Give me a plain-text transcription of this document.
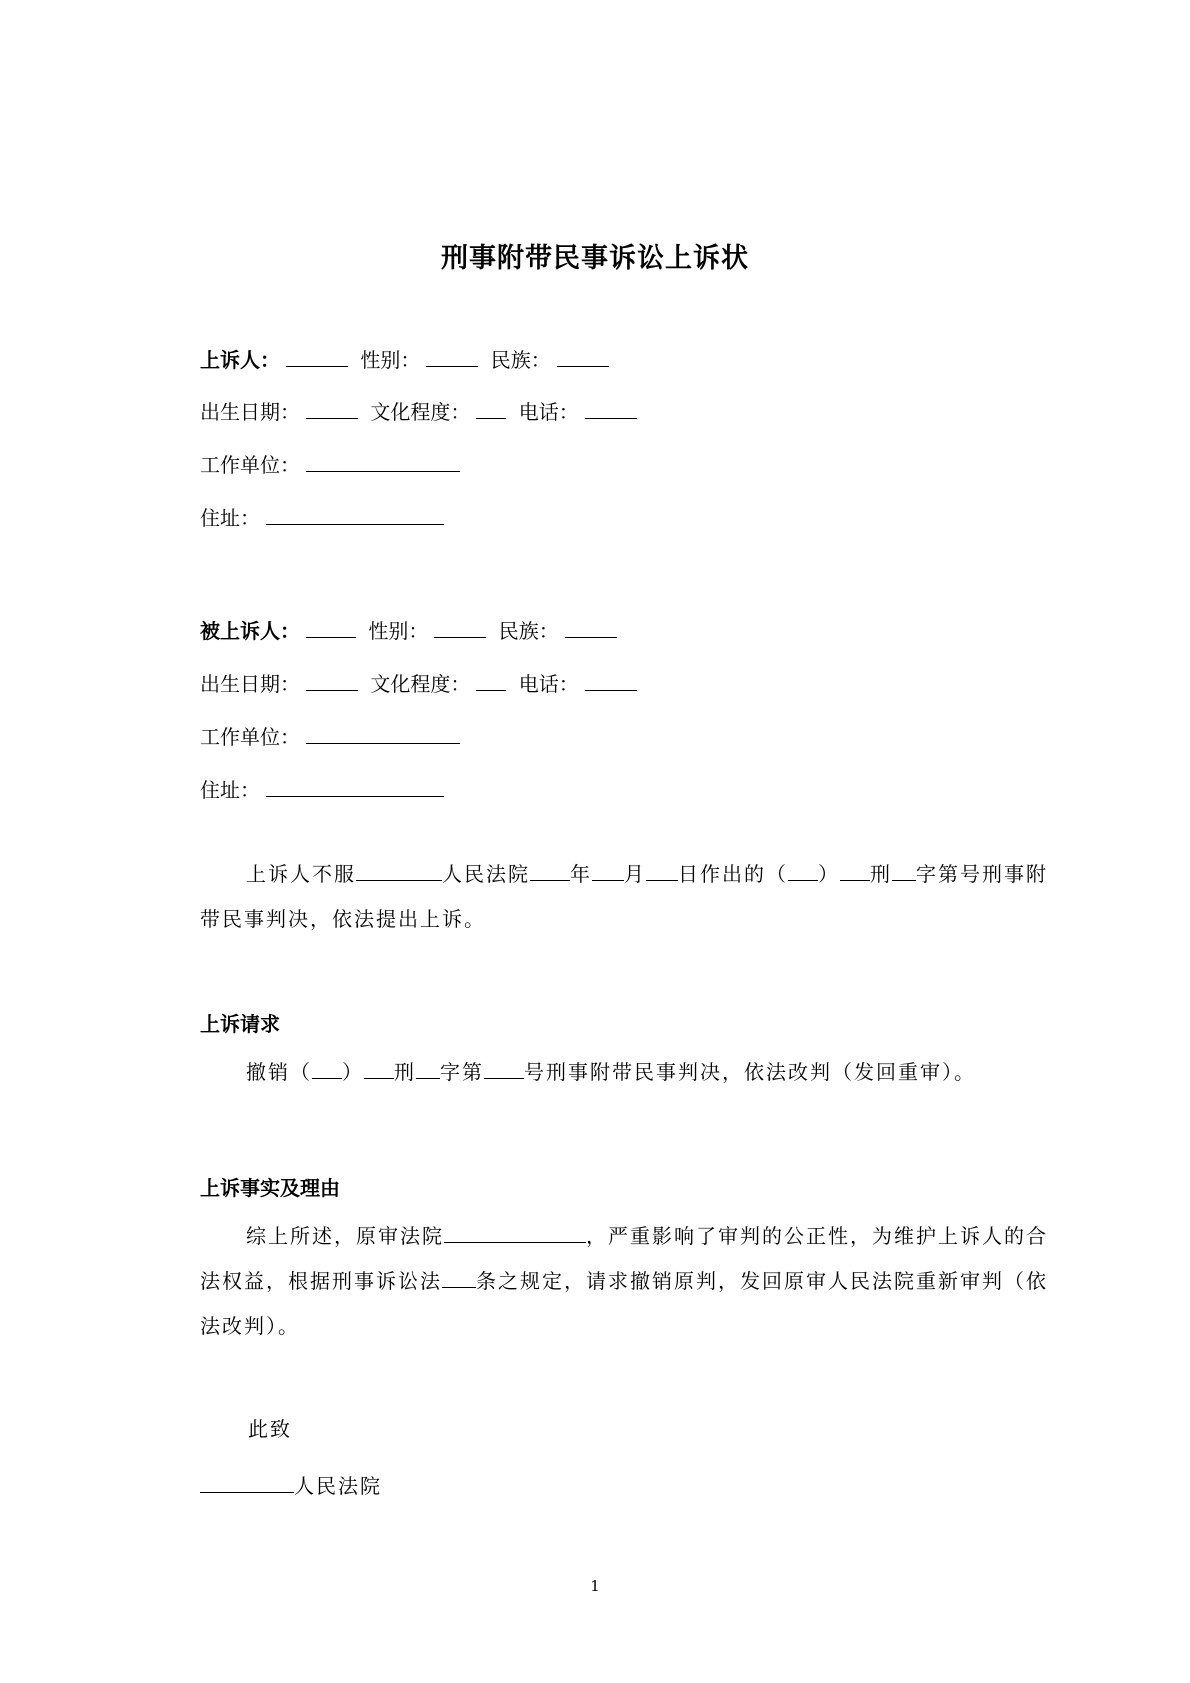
刑事附带民事诉讼上诉状
上诉人：	性别：	民族：
出生日期：	文化程度： 电话：
工作单位：
住址：
被上诉人：	性别：	民族：
出生日期：	文化程度： 电话：
工作单位：
住址：
上诉人不服	人民法院 年 月 日作出的（ ） 刑 字第号刑事附带民事判决，依法提出上诉。
上诉请求
撤销（ ） 刑 字第 号刑事附带民事判决，依法改判（发回重审）。
上诉事实及理由
综上所述，原审法院	，严重影响了审判的公正性，为维护上诉人的合法权益，根据刑事诉讼法 条之规定，请求撤销原判，发回原审人民法院重新审判（依法改判）。
此致
人民法院
1
